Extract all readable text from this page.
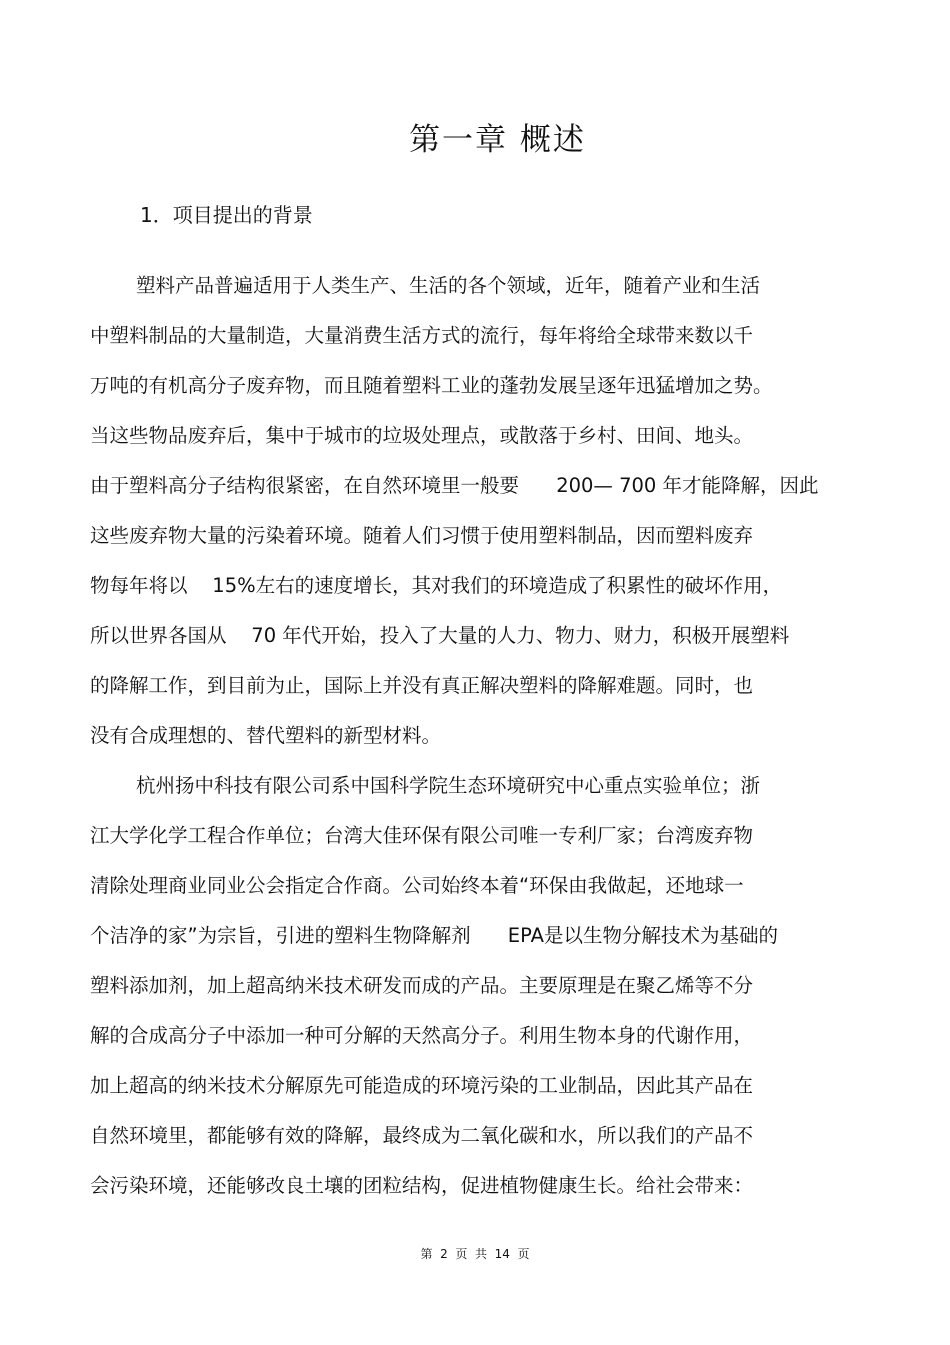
第一章 概述
1．项目提出的背景
塑料产品普遍适用于人类生产、生活的各个领域，近年，随着产业和生活
中塑料制品的大量制造，大量消费生活方式的流行，每年将给全球带来数以千
万吨的有机高分子废弃物，而且随着塑料工业的蓬勃发展呈逐年迅猛增加之势。
当这些物品废弃后，集中于城市的垃圾处理点，或散落于乡村、田间、地头。
由于塑料高分子结构很紧密，在自然环境里一般要      200— 700 年才能降解，因此
这些废弃物大量的污染着环境。随着人们习惯于使用塑料制品，因而塑料废弃
物每年将以    15%左右的速度增长，其对我们的环境造成了积累性的破坏作用，
所以世界各国从    70 年代开始，投入了大量的人力、物力、财力，积极开展塑料
的降解工作，到目前为止，国际上并没有真正解决塑料的降解难题。同时，也
没有合成理想的、替代塑料的新型材料。
杭州扬中科技有限公司系中国科学院生态环境研究中心重点实验单位；浙
江大学化学工程合作单位；台湾大佳环保有限公司唯一专利厂家；台湾废弃物
清除处理商业同业公会指定合作商。公司始终本着“环保由我做起，还地球一
个洁净的家”为宗旨，引进的塑料生物降解剂      EPA是以生物分解技术为基础的
塑料添加剂，加上超高纳米技术研发而成的产品。主要原理是在聚乙烯等不分
解的合成高分子中添加一种可分解的天然高分子。利用生物本身的代谢作用，
加上超高的纳米技术分解原先可能造成的环境污染的工业制品，因此其产品在
自然环境里，都能够有效的降解，最终成为二氧化碳和水，所以我们的产品不
会污染环境，还能够改良土壤的团粒结构，促进植物健康生长。给社会带来：
第  2  页  共  14  页
